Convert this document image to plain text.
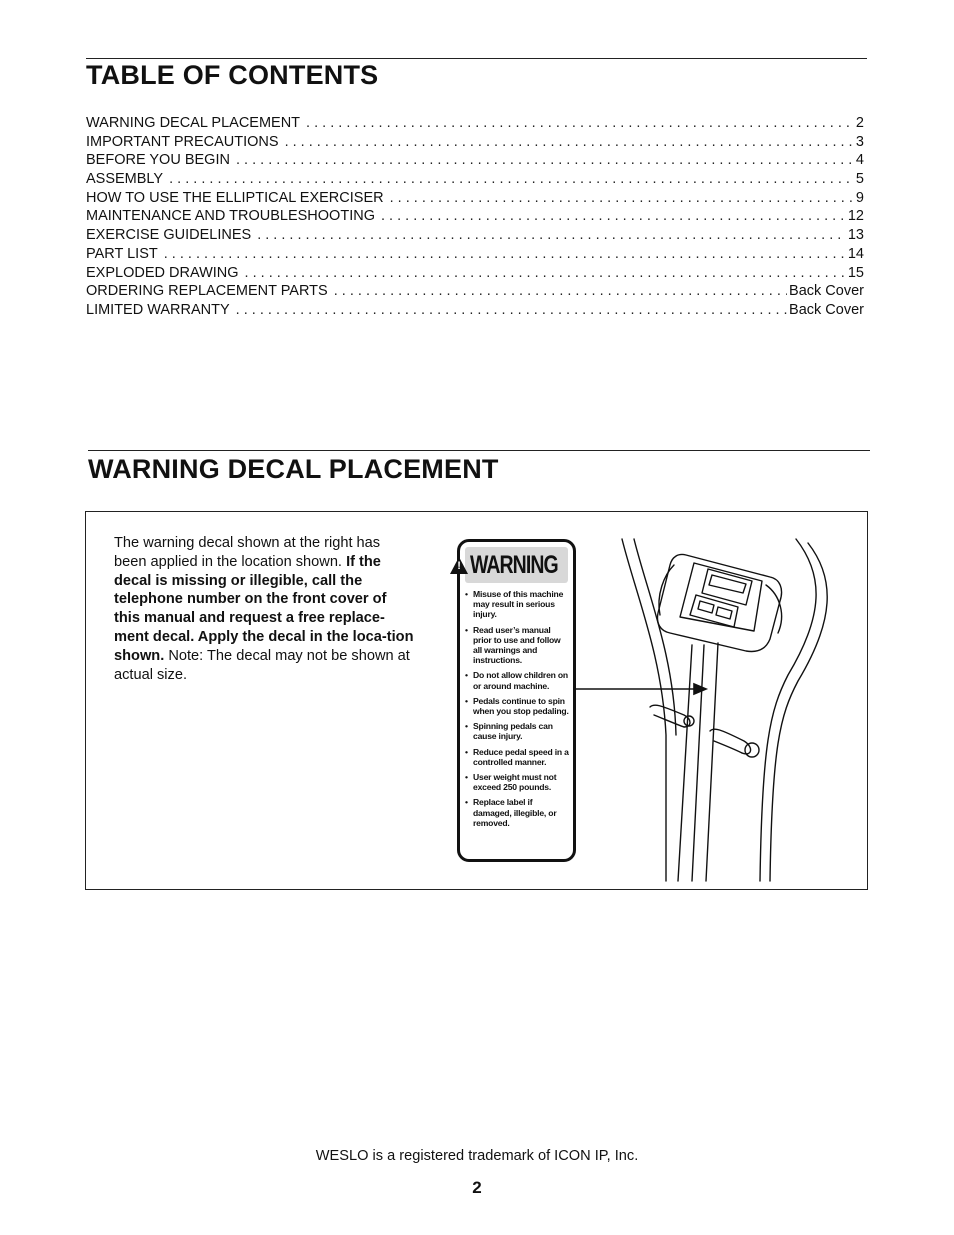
TABLE OF CONTENTS
WARNING DECAL PLACEMENT . . .	2
IMPORTANT PRECAUTIONS . . .	3
BEFORE YOU BEGIN . . .	4
ASSEMBLY . . .	5
HOW TO USE THE ELLIPTICAL EXERCISER . . .	9
MAINTENANCE AND TROUBLESHOOTING . . .	12
EXERCISE GUIDELINES . . .	13
PART LIST . . .	14
EXPLODED DRAWING . . .	15
ORDERING REPLACEMENT PARTS . . .	Back Cover
LIMITED WARRANTY . . .	Back Cover
WARNING DECAL PLACEMENT
The warning decal shown at the right has been applied in the location shown. If the decal is missing or illegible, call the telephone number on the front cover of this manual and request a free replace-ment decal. Apply the decal in the loca-tion shown. Note: The decal may not be shown at actual size.
! WARNING
• Misuse of this machine may result in serious injury.
• Read user’s manual prior to use and follow all warnings and instructions.
• Do not allow children on or around machine.
• Pedals continue to spin when you stop pedaling.
• Spinning pedals can cause injury.
• Reduce pedal speed in a controlled manner.
• User weight must not exceed 250 pounds.
• Replace label if damaged, illegible, or removed.
WESLO is a registered trademark of ICON IP, Inc.
2
